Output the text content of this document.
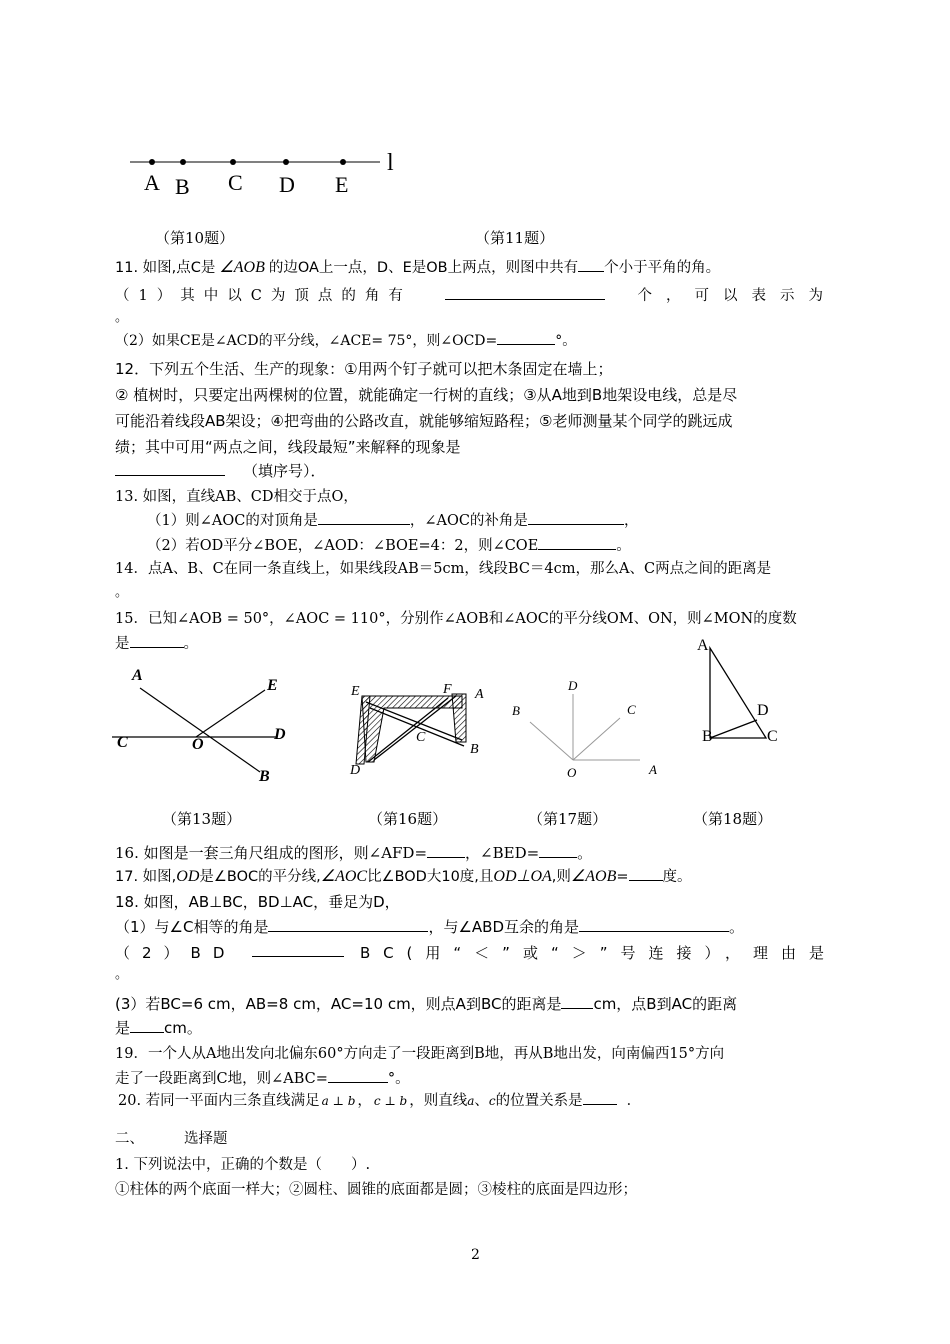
A B C D E
l
（第10题）	（第11题）
11. 如图,点C是 ∠AOB 的边OA上一点，D、E是OB上两点，则图中共有 个小于平角的角。
（1）其中以C为顶点的角有	个，可以表示为
。
（2）如果CE是∠ACD的平分线，∠ACE= 75°，则∠OCD=	°。
12．下列五个生活、生产的现象：①用两个钉子就可以把木条固定在墙上；
② 植树时，只要定出两棵树的位置，就能确定一行树的直线；③从A地到B地架设电线，总是尽
可能沿着线段AB架设；④把弯曲的公路改直，就能够缩短路程；⑤老师测量某个同学的跳远成
绩；其中可用“两点之间，线段最短”来解释的现象是
（填序号）．
13. 如图，直线AB、CD相交于点O，
（1）则∠AOC的对顶角是	，∠AOC的补角是	，
（2）若OD平分∠BOE，∠AOD：∠BOE=4：2，则∠COE	。
14．点A、B、C在同一条直线上，如果线段AB＝5cm，线段BC＝4cm，那么A、C两点之间的距离是
。
15．已知∠AOB = 50°，∠AOC = 110°，分别作∠AOB和∠AOC的平分线OM、ON，则∠MON的度数
是	。
A
E
C	O
D
B
E	F A
C
B
D
D
B	C
O	A
A
D
B	C
（第13题）	（第16题）	（第17题）	（第18题）
16. 如图是一套三角尺组成的图形，则∠AFD=	，∠BED=	。
17. 如图,OD是∠BOC的平分线,∠AOC比∠BOD大10度,且OD⊥OA,则∠AOB= 度。
18. 如图，AB⊥BC，BD⊥AC，垂足为D，
（1）与∠C相等的角是	，与∠ABD互余的角是	。
（2）BD	BC(用“＜”或“＞”号连接），理由是
。
(3）若BC=6 cm，AB=8 cm，AC=10 cm，则点A到BC的距离是 cm，点B到AC的距离
是 cm。
19．一个人从A地出发向北偏东60°方向走了一段距离到B地，再从B地出发，向南偏西15°方向
走了一段距离到C地，则∠ABC=	°。
20. 若同一平面内三条直线满足 a ⊥ b ， c ⊥ b ，则直线a、c的位置关系是	．
二、	选择题
1. 下列说法中，正确的个数是（　　）.
①柱体的两个底面一样大；②圆柱、圆锥的底面都是圆；③棱柱的底面是四边形；
2
